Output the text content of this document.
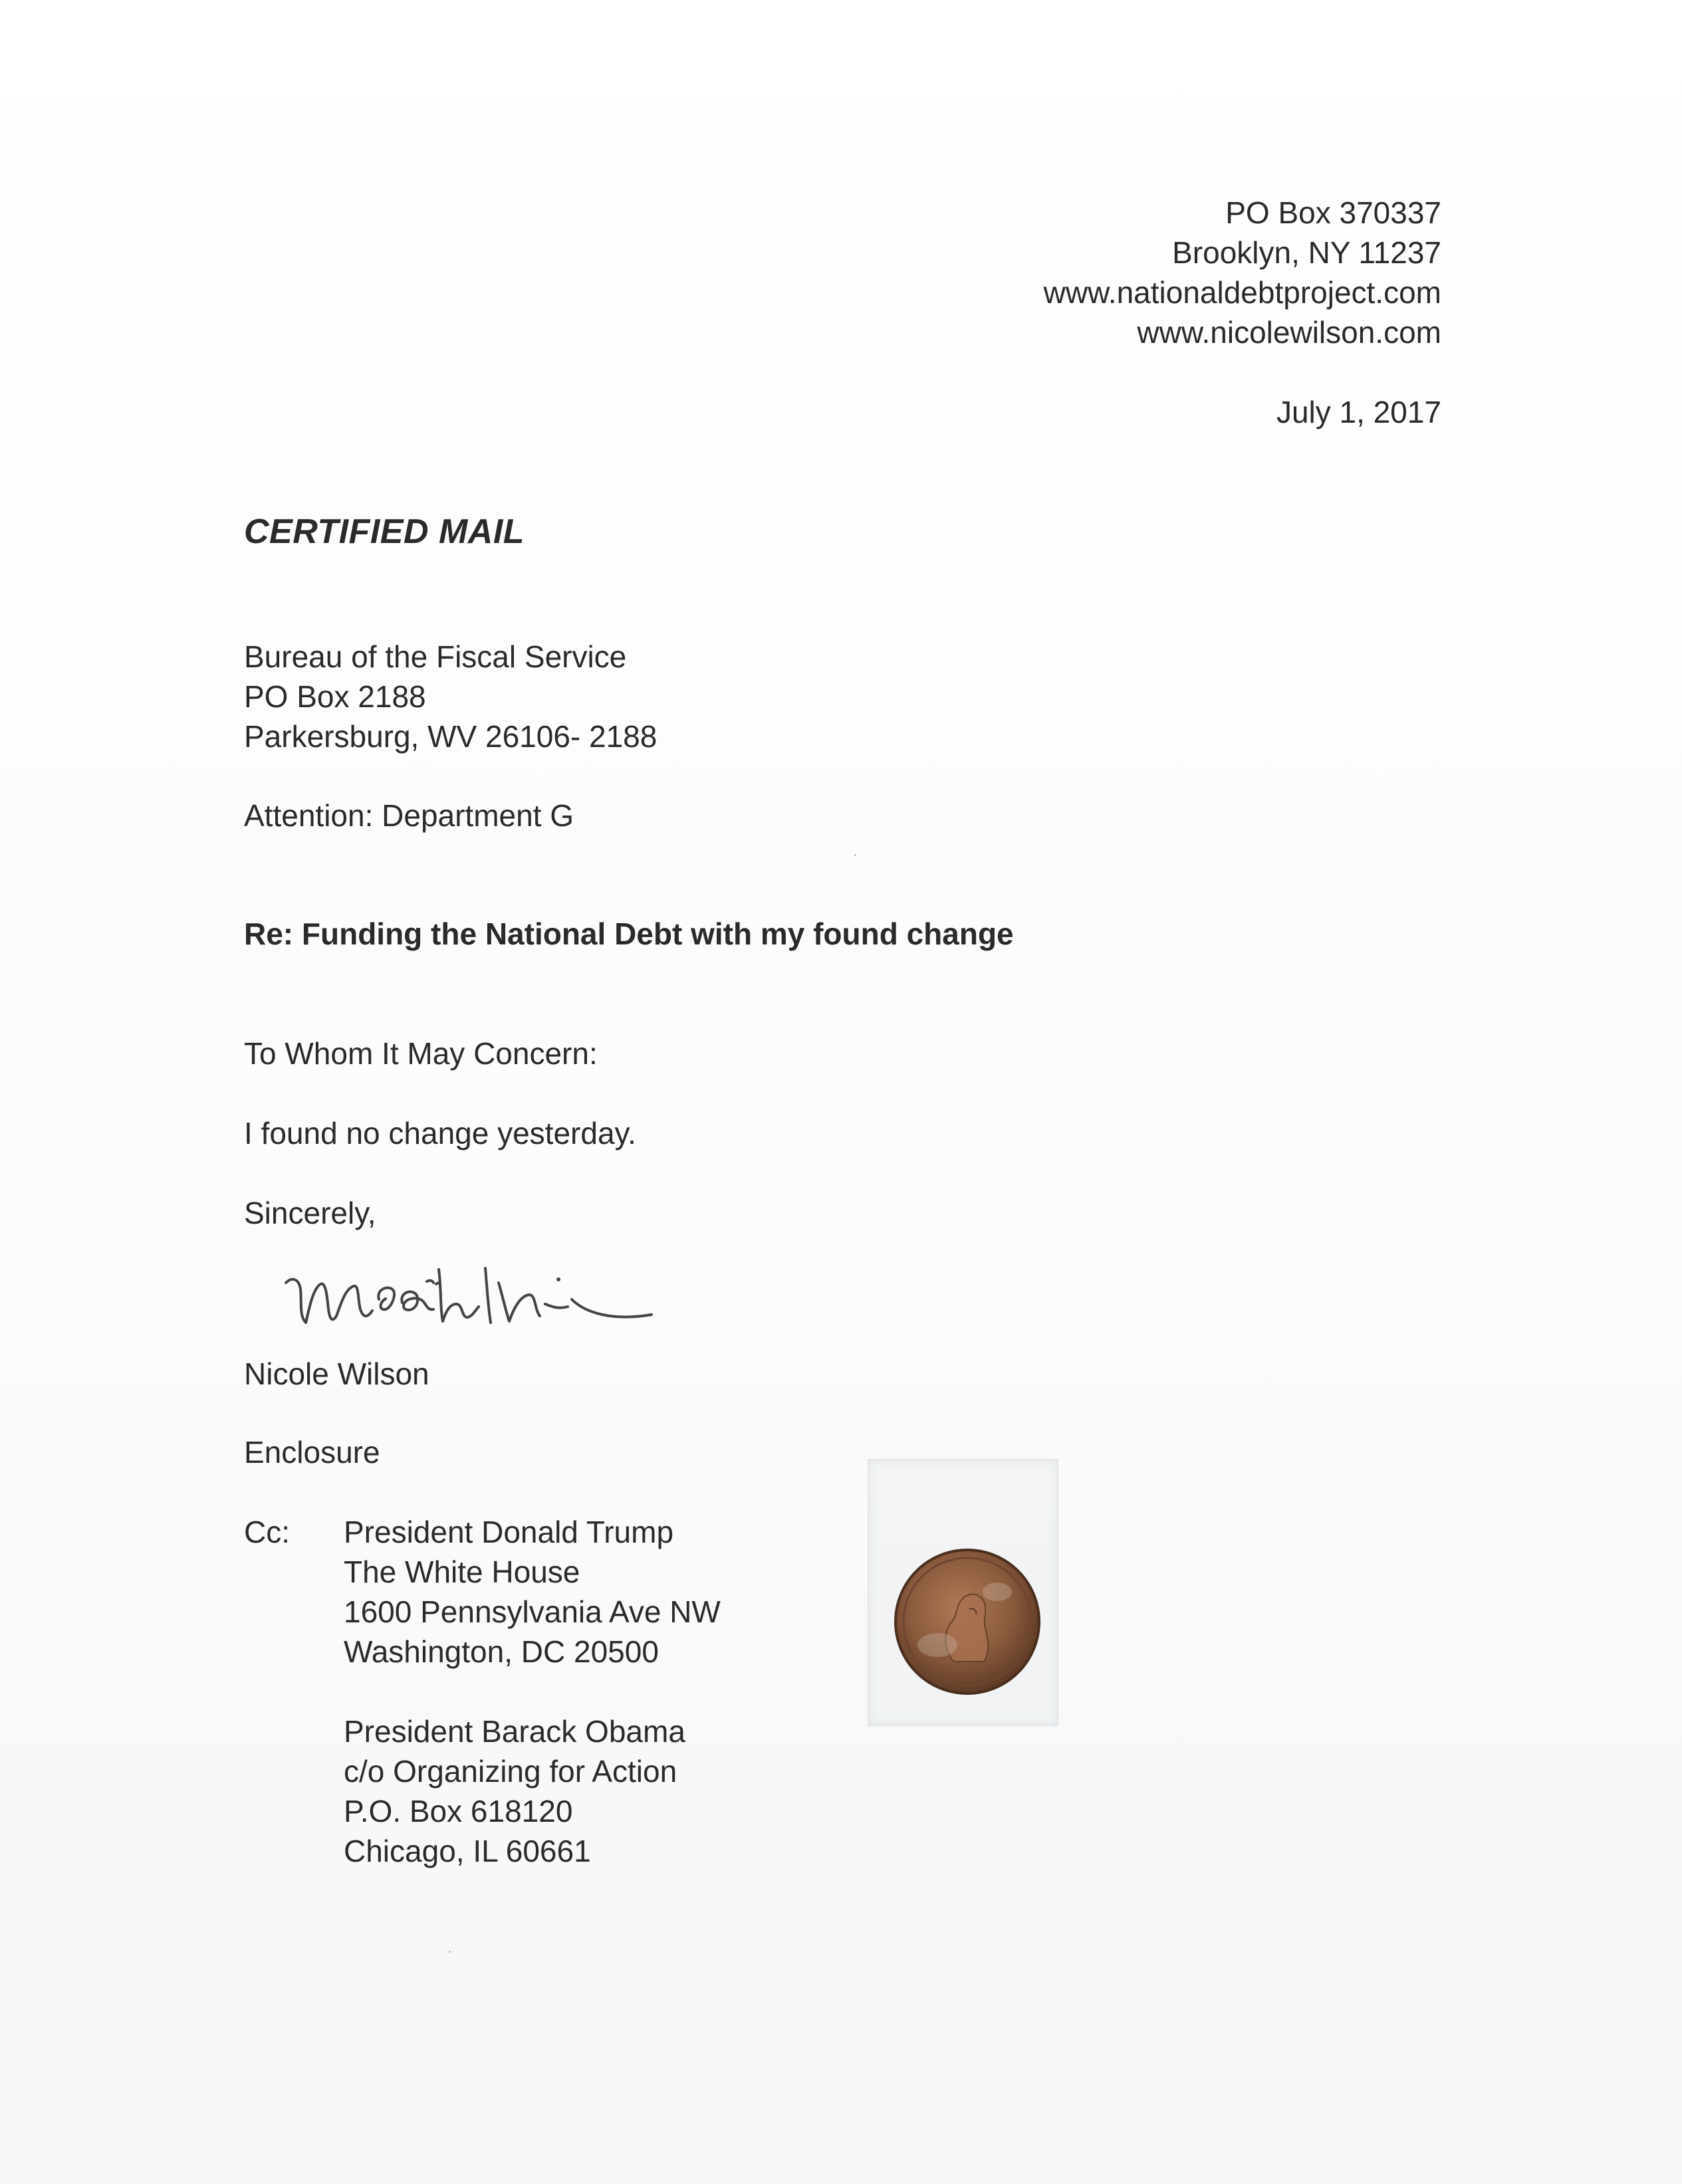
PO Box 370337
Brooklyn, NY 11237
www.nationaldebtproject.com
www.nicolewilson.com
July 1, 2017
CERTIFIED MAIL
Bureau of the Fiscal Service
PO Box 2188
Parkersburg, WV 26106- 2188
Attention: Department G
Re: Funding the National Debt with my found change
To Whom It May Concern:
I found no change yesterday.
Sincerely,
Nicole Wilson
Enclosure
Cc: President Donald Trump
The White House
1600 Pennsylvania Ave NW
Washington, DC 20500
President Barack Obama
c/o Organizing for Action
P.O. Box 618120
Chicago, IL 60661
